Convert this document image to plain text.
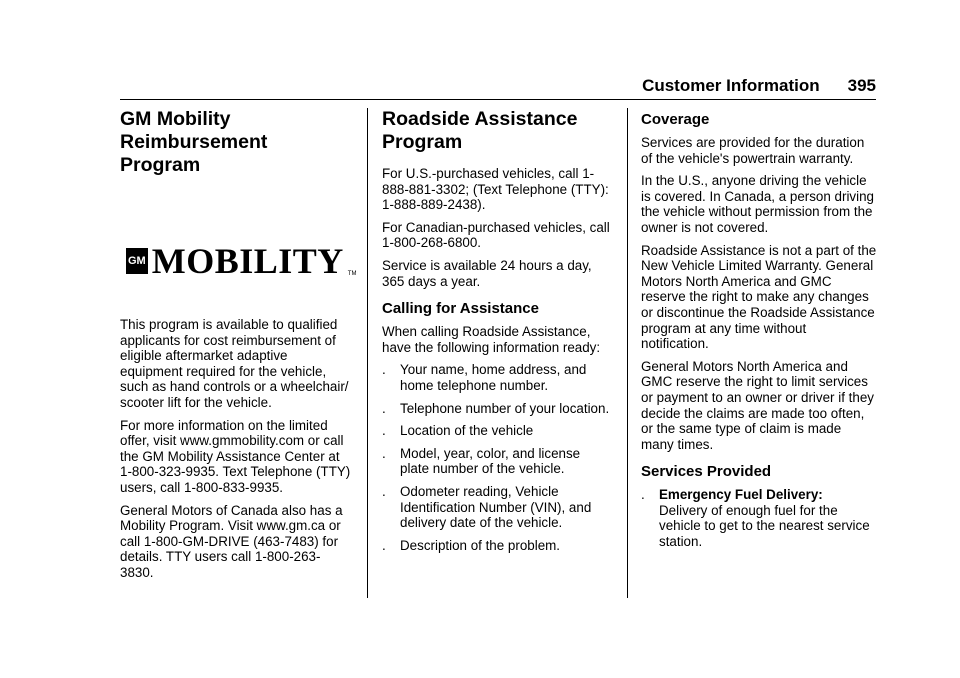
Customer Information 395
GM Mobility Reimbursement Program
GM MOBILITY TM

This program is available to qualified applicants for cost reimbursement of eligible aftermarket adaptive equipment required for the vehicle, such as hand controls or a wheelchair/ scooter lift for the vehicle.

For more information on the limited offer, visit www.gmmobility.com or call the GM Mobility Assistance Center at 1-800-323-9935. Text Telephone (TTY) users, call 1-800-833-9935.

General Motors of Canada also has a Mobility Program. Visit www.gm.ca or call 1-800-GM-DRIVE (463-7483) for details. TTY users call 1-800-263-3830.

Roadside Assistance Program

For U.S.-purchased vehicles, call 1-888-881-3302; (Text Telephone (TTY): 1-888-889-2438).

For Canadian-purchased vehicles, call 1-800-268-6800.

Service is available 24 hours a day, 365 days a year.

Calling for Assistance

When calling Roadside Assistance, have the following information ready:

.	Your name, home address, and home telephone number.
.	Telephone number of your location.
.	Location of the vehicle
.	Model, year, color, and license plate number of the vehicle.
.	Odometer reading, Vehicle Identification Number (VIN), and delivery date of the vehicle.
.	Description of the problem.
Coverage

Services are provided for the duration of the vehicle's powertrain warranty.

In the U.S., anyone driving the vehicle is covered. In Canada, a person driving the vehicle without permission from the owner is not covered.

Roadside Assistance is not a part of the New Vehicle Limited Warranty. General Motors North America and GMC reserve the right to make any changes or discontinue the Roadside Assistance program at any time without notification.

General Motors North America and GMC reserve the right to limit services or payment to an owner or driver if they decide the claims are made too often, or the same type of claim is made many times.

Services Provided
.	Emergency Fuel Delivery:
Delivery of enough fuel for the vehicle to get to the nearest service station.
